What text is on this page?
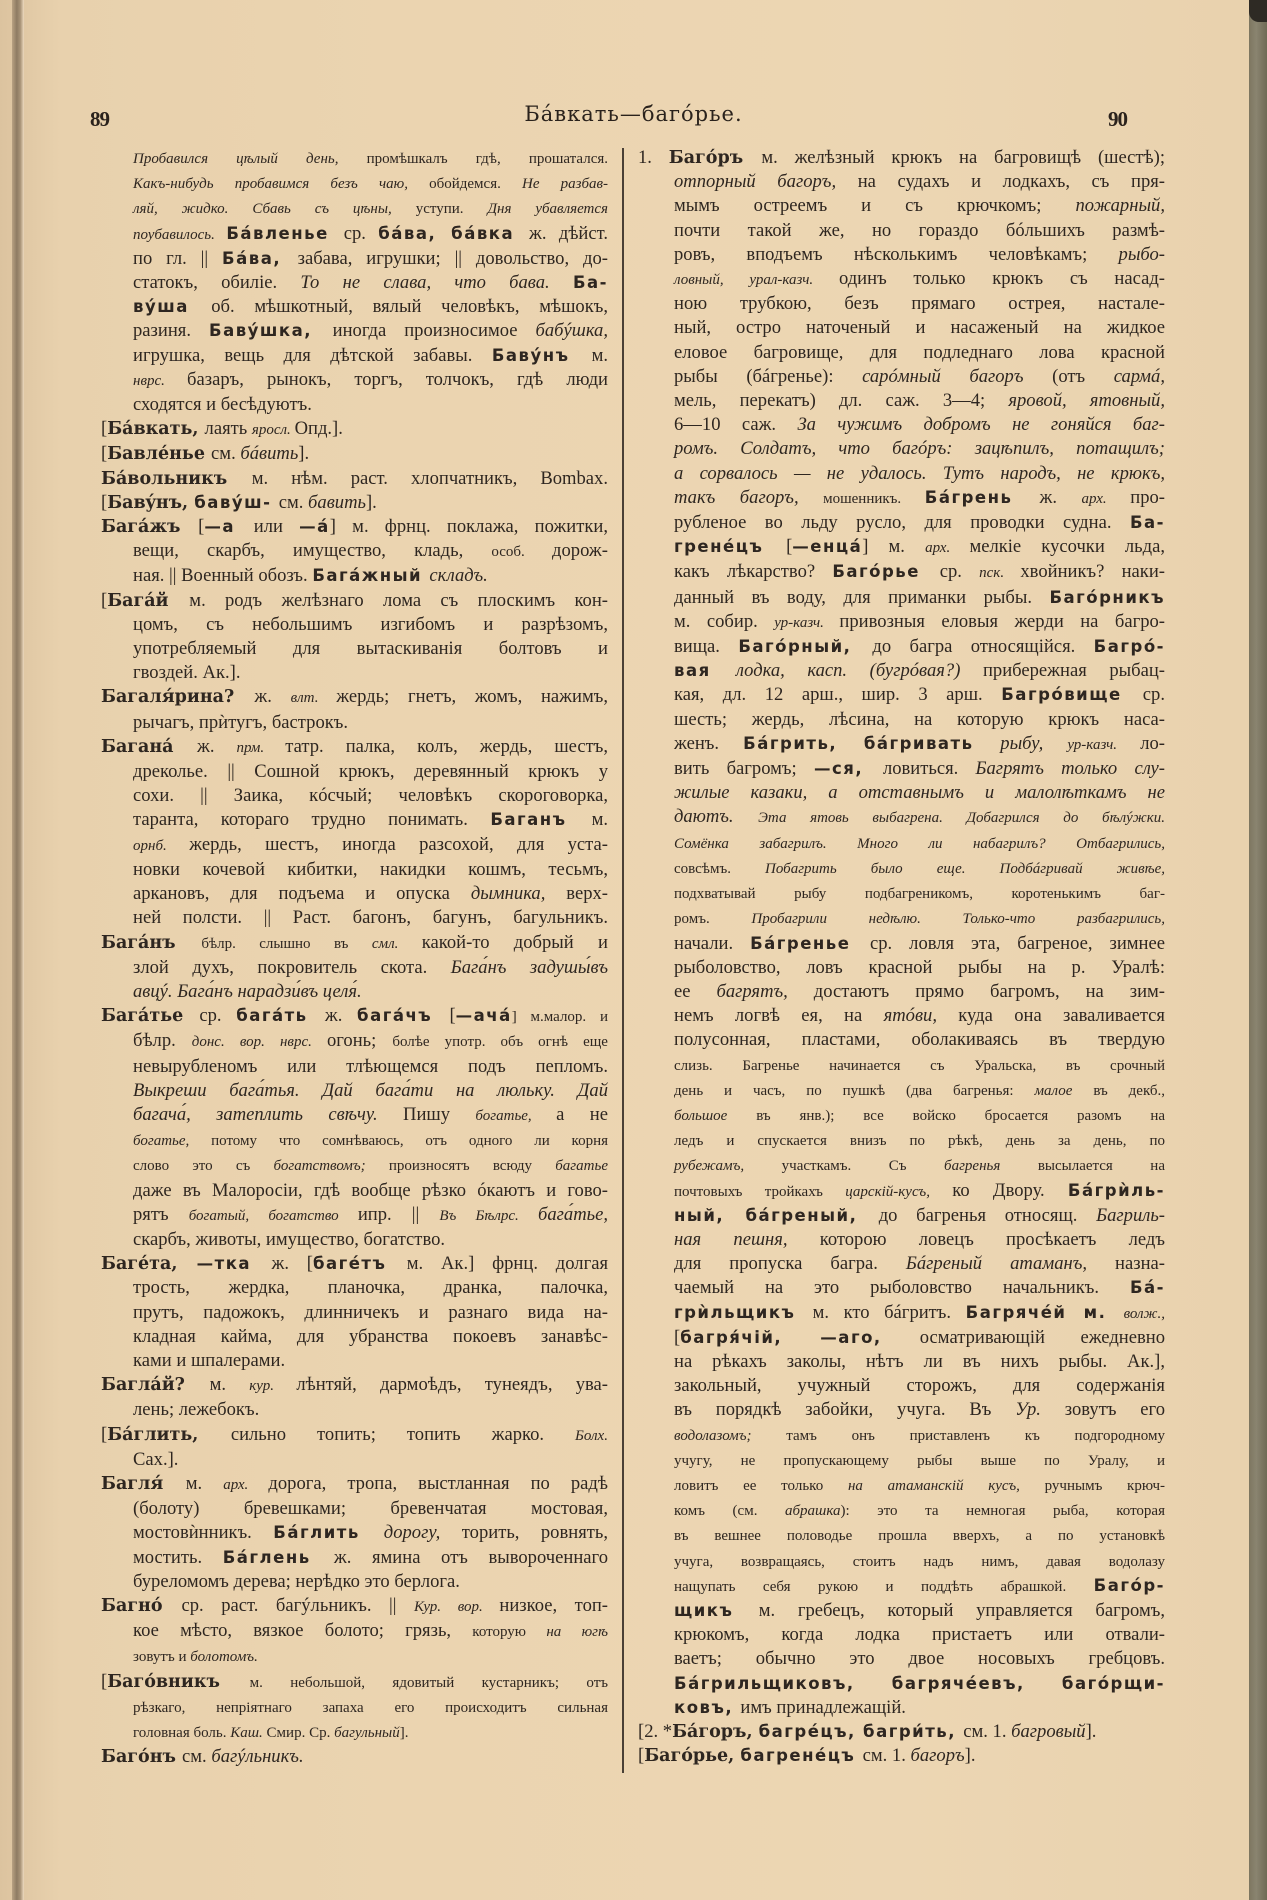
89	Бáвкать—багóрье.	90
Пробавился цѣлый день, промѣшкалъ гдѣ, прошатался.
Какъ-нибудь пробавимся безъ чаю, обойдемся. Не разбав-
ляй, жидко. Сбавь съ цѣны, уступи. Дня убавляется
поубавилось. Бáвленье ср. бáва, бáвка ж. дѣйст.
по гл. || Бáва, забава, игрушки; || довольство, до-
статокъ, обиліе. То не слава, что бава. Ба-
вýша об. мѣшкотный, вялый человѣкъ, мѣшокъ,
разиня. Бавýшка, иногда произносимое бабýшка,
игрушка, вещь для дѣтской забавы. Бавýнъ м.
нврс. базаръ, рынокъ, торгъ, толчокъ, гдѣ люди
сходятся и бесѣдуютъ.
[Бáвкать, лаять яросл. Опд.].
[Бавлéнье см. бáвить].
Бáвольникъ м. нѣм. раст. хлопчатникъ, Bombax.
[Бавýнъ, бавýш- см. бавить].
Багáжъ [—а или —á] м. фрнц. поклажа, пожитки,
вещи, скарбъ, имущество, кладь, особ. дорож-
ная. || Военный обозъ. Багáжный складъ.
[Багáй м. родъ желѣзнаго лома съ плоскимъ кон-
цомъ, съ небольшимъ изгибомъ и разрѣзомъ,
употребляемый для вытаскиванія болтовъ и
гвоздей. Ак.].
Багаля́рина? ж. влт. жердь; гнетъ, жомъ, нажимъ,
рычагъ, прѝтугъ, бастрокъ.
Багана́ ж. прм. татр. палка, колъ, жердь, шестъ,
дреколье. || Сошной крюкъ, деревянный крюкъ у
сохи. || Заика, кóсчый; человѣкъ скороговорка,
таранта, котораго трудно понимать. Баганъ м.
орнб. жердь, шестъ, иногда разсохой, для уста-
новки кочевой кибитки, накидки кошмъ, тесьмъ,
аркановъ, для подъема и опуска дымника, верх-
ней полсти. || Раст. багонъ, багунъ, багульникъ.
Бага́нъ бѣлр. слышно въ смл. какой-то добрый и
злой духъ, покровитель скота. Бага́нъ задушы́въ
авцý. Бага́нъ нарадзи́въ целя́.
Бага́тье ср. бага́ть ж. бага́чъ [—ача́] м.малор. и
бѣлр. донс. вор. нврс. огонь; болѣе употр. объ огнѣ еще
невырубленомъ или тлѣющемся подъ пепломъ.
Выкреши бага́тья. Дай бага́ти на люльку. Дай
багача́, затеплить свѣчу. Пишу богатье, а не
богатье, потому что сомнѣваюсь, отъ одного ли корня
слово это съ богатствомъ; произносятъ всюду багатье
даже въ Малоросіи, гдѣ вообще рѣзко óкаютъ и гово-
рятъ богатый, богатство ипр. || Въ Бѣлрс. бага́тье,
скарбъ, животы, имущество, богатство.
Багéта, —тка ж. [багéтъ м. Ак.] фрнц. долгая
трость, жердка, планочка, дранка, палочка,
прутъ, падожокъ, длинничекъ и разнаго вида на-
кладная кайма, для убранства покоевъ занавѣс-
ками и шпалерами.
Баглáй? м. кур. лѣнтяй, дармоѣдъ, тунеядъ, ува-
лень; лежебокъ.
[Бáглить, сильно топить; топить жарко. Болх.
Сах.].
Багля́ м. арх. дорога, тропа, выстланная по радѣ
(болоту) бревешками; бревенчатая мостовая,
мостовѝнникъ. Бáглить дорогу, торить, ровнять,
мостить. Бáглень ж. ямина отъ вывороченнаго
буреломомъ дерева; нерѣдко это берлога.
Багнó ср. раст. багýльникъ. || Кур. вор. низкое, топ-
кое мѣсто, вязкое болото; грязь, которую на югѣ
зовутъ и болотомъ.
[Багóвникъ м. небольшой, ядовитый кустарникъ; отъ
рѣзкаго, непріятнаго запаха его происходитъ сильная
головная боль. Каш. Смир. Ср. багульный].
Багóнъ см. багýльникъ.
1. Багóръ м. желѣзный крюкъ на багровищѣ (шестѣ);
отпорный багоръ, на судахъ и лодкахъ, съ пря-
мымъ остреемъ и съ крючкомъ; пожарный,
почти такой же, но гораздо бóльшихъ размѣ-
ровъ, вподъемъ нѣсколькимъ человѣкамъ; рыбо-
ловный, урал-казч. одинъ только крюкъ съ насад-
ною трубкою, безъ прямаго острея, настале-
ный, остро наточеный и насаженый на жидкое
еловое багровище, для подледнаго лова красной
рыбы (бáгренье): сарóмный багоръ (отъ сармá,
мель, перекатъ) дл. саж. 3—4; яровой, ятовный,
6—10 саж. За чужимъ добромъ не гоняйся баг-
ромъ. Солдатъ, что багóръ: зацѣпилъ, потащилъ;
а сорвалось — не удалось. Тутъ народъ, не крюкъ,
такъ багоръ, мошенникъ. Бáгрень ж. арх. про-
рубленое во льду русло, для проводки судна. Ба-
гренéцъ [—енцá] м. арх. мелкіе кусочки льда,
какъ лѣкарство? Багóрье ср. пск. хвойникъ? наки-
данный въ воду, для приманки рыбы. Багóрникъ
м. собир. ур-казч. привозныя еловыя жерди на багро-
вища. Багóрный, до багра относящійся. Багрó-
вая лодка, касп. (бугрóвая?) прибережная рыбац-
кая, дл. 12 арш., шир. 3 арш. Багрóвище ср.
шесть; жердь, лѣсина, на которую крюкъ наса-
женъ. Бáгрить, бáгривать рыбу, ур-казч. ло-
вить багромъ; —ся, ловиться. Багрятъ только слу-
жилые казаки, а отставнымъ и малолѣткамъ не
даютъ. Эта ятовь выбагрена. Добагрился до бѣлýжки.
Сомёнка забагрилъ. Много ли набагрилъ? Отбагрились,
совсѣмъ. Побагрить было еще. Подбáгривай живѣе,
подхватывай рыбу подбагреникомъ, коротенькимъ баг-
ромъ. Пробагрили недѣлю. Только-что разбагрились,
начали. Бáгренье ср. ловля эта, багреное, зимнее
рыболовство, ловъ красной рыбы на р. Уралѣ:
ее багрятъ, достаютъ прямо багромъ, на зим-
немъ логвѣ ея, на ятóви, куда она заваливается
полусонная, пластами, оболакиваясь въ твердую
слизь. Багренье начинается съ Уральска, въ срочный
день и часъ, по пушкѣ (два багренья: малое въ декб.,
большое въ янв.); все войско бросается разомъ на
ледъ и спускается внизъ по рѣкѣ, день за день, по
рубежамъ, участкамъ. Съ багренья высылается на
почтовыхъ тройкахъ царскій-кусъ, ко Двору. Бáгрѝль-
ный, бáгреный, до багренья относящ. Багриль-
ная пешня, которою ловецъ просѣкаетъ ледъ
для пропуска багра. Бáгреный атаманъ, назна-
чаемый на это рыболовство начальникъ. Бá-
грѝльщикъ м. кто бáгритъ. Багрячéй м. волж.,
[багря́чій, —аго, осматривающій ежедневно
на рѣкахъ заколы, нѣтъ ли въ нихъ рыбы. Ак.],
закольный, учужный сторожъ, для содержанія
въ порядкѣ забойки, учуга. Въ Ур. зовутъ его
водолазомъ; тамъ онъ приставленъ къ подгородному
учугу, не пропускающему рыбы выше по Уралу, и
ловитъ ее только на атаманскій кусъ, ручнымъ крюч-
комъ (см. абрашка): это та немногая рыба, которая
въ вешнее половодье прошла вверхъ, а по установкѣ
учуга, возвращаясь, стоитъ надъ нимъ, давая водолазу
нащупать себя рукою и поддѣть абрашкой. Багóр-
щикъ м. гребецъ, который управляется багромъ,
крюкомъ, когда лодка пристаетъ или отвали-
ваетъ; обычно это двое носовыхъ гребцовъ.
Бáгрильщиковъ, багрячéевъ, багóрщи-
ковъ, имъ принадлежащій.
[2. *Бáгоръ, багрéцъ, багри́ть, см. 1. багровый].
[Багóрье, багренéцъ см. 1. багоръ].
